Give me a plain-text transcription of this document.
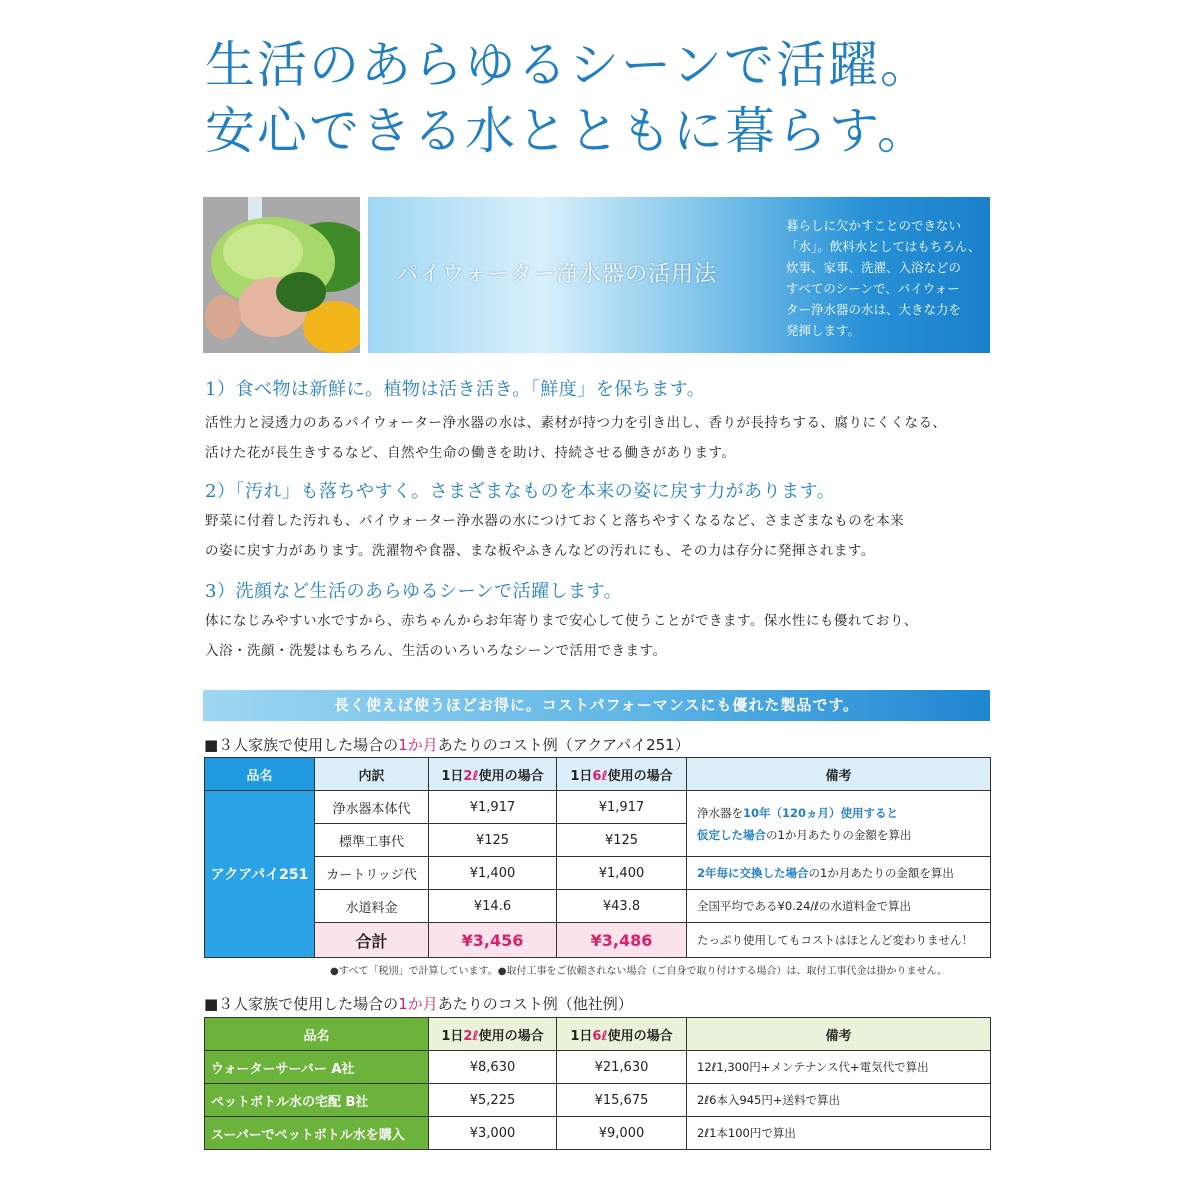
生活のあらゆるシーンで活躍。
安心できる水とともに暮らす。
パイウォーター浄水器の活用法
暮らしに欠かすことのできない
「水」。飲料水としてはもちろん、
炊事、家事、洗濯、入浴などの
すべてのシーンで、パイウォー
ター浄水器の水は、大きな力を
発揮します。
1）食べ物は新鮮に。植物は活き活き。「鮮度」を保ちます。
活性力と浸透力のあるパイウォーター浄水器の水は、素材が持つ力を引き出し、香りが長持ちする、腐りにくくなる、
活けた花が長生きするなど、自然や生命の働きを助け、持続させる働きがあります。
2）「汚れ」も落ちやすく。さまざまなものを本来の姿に戻す力があります。
野菜に付着した汚れも、パイウォーター浄水器の水につけておくと落ちやすくなるなど、さまざまなものを本来
の姿に戻す力があります。洗濯物や食器、まな板やふきんなどの汚れにも、その力は存分に発揮されます。
3）洗顔など生活のあらゆるシーンで活躍します。
体になじみやすい水ですから、赤ちゃんからお年寄りまで安心して使うことができます。保水性にも優れており、
入浴・洗顔・洗髪はもちろん、生活のいろいろなシーンで活用できます。
長く使えば使うほどお得に。コストパフォーマンスにも優れた製品です。
■３人家族で使用した場合の1か月あたりのコスト例（アクアパイ251）
品名	内訳	1日2ℓ使用の場合	1日6ℓ使用の場合	備考
アクアパイ251	浄水器本体代	¥1,917	¥1,917	浄水器を10年（120ヵ月）使用すると
仮定した場合の1か月あたりの金額を算出

	標準工事代	¥125	¥125	
	カートリッジ代	¥1,400	¥1,400	2年毎に交換した場合の1か月あたりの金額を算出
	水道料金	¥14.6	¥43.8	全国平均である¥0.24/ℓの水道料金で算出
	合計	¥3,456	¥3,486	たっぷり使用してもコストはほとんど変わりません！
●すべて「税別」で計算しています。●取付工事をご依頼されない場合（ご自身で取り付けする場合）は、取付工事代金は掛かりません。
■３人家族で使用した場合の1か月あたりのコスト例（他社例）
品名	1日2ℓ使用の場合	1日6ℓ使用の場合	備考
ウォーターサーバー A社	¥8,630	¥21,630	12ℓ1,300円+メンテナンス代+電気代で算出
ペットボトル水の宅配 B社	¥5,225	¥15,675	2ℓ6本入945円+送料で算出
スーパーでペットボトル水を購入	¥3,000	¥9,000	2ℓ1本100円で算出
